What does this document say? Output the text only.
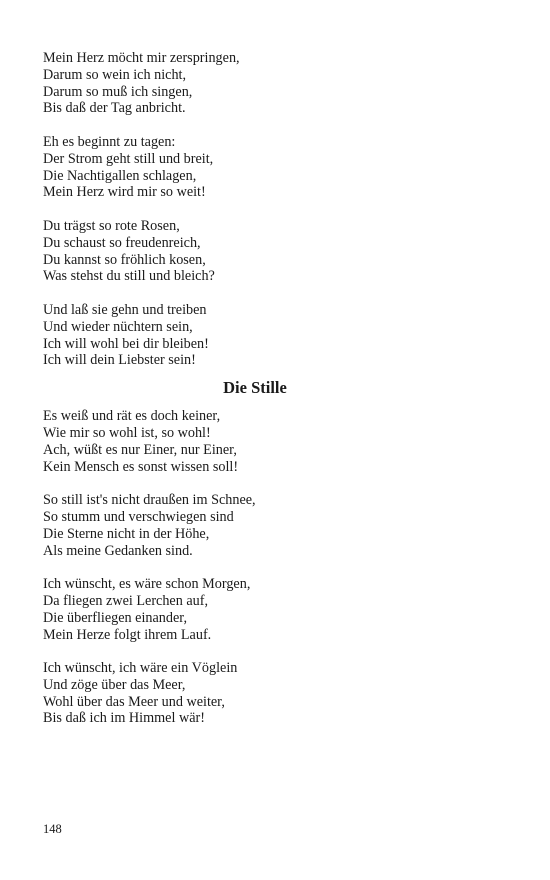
Mein Herz möcht mir zerspringen,
Darum so wein ich nicht,
Darum so muß ich singen,
Bis daß der Tag anbricht.
Eh es beginnt zu tagen:
Der Strom geht still und breit,
Die Nachtigallen schlagen,
Mein Herz wird mir so weit!
Du trägst so rote Rosen,
Du schaust so freudenreich,
Du kannst so fröhlich kosen,
Was stehst du still und bleich?
Und laß sie gehn und treiben
Und wieder nüchtern sein,
Ich will wohl bei dir bleiben!
Ich will dein Liebster sein!
Die Stille
Es weiß und rät es doch keiner,
Wie mir so wohl ist, so wohl!
Ach, wüßt es nur Einer, nur Einer,
Kein Mensch es sonst wissen soll!
So still ist's nicht draußen im Schnee,
So stumm und verschwiegen sind
Die Sterne nicht in der Höhe,
Als meine Gedanken sind.
Ich wünscht, es wäre schon Morgen,
Da fliegen zwei Lerchen auf,
Die überfliegen einander,
Mein Herze folgt ihrem Lauf.
Ich wünscht, ich wäre ein Vöglein
Und zöge über das Meer,
Wohl über das Meer und weiter,
Bis daß ich im Himmel wär!
148
